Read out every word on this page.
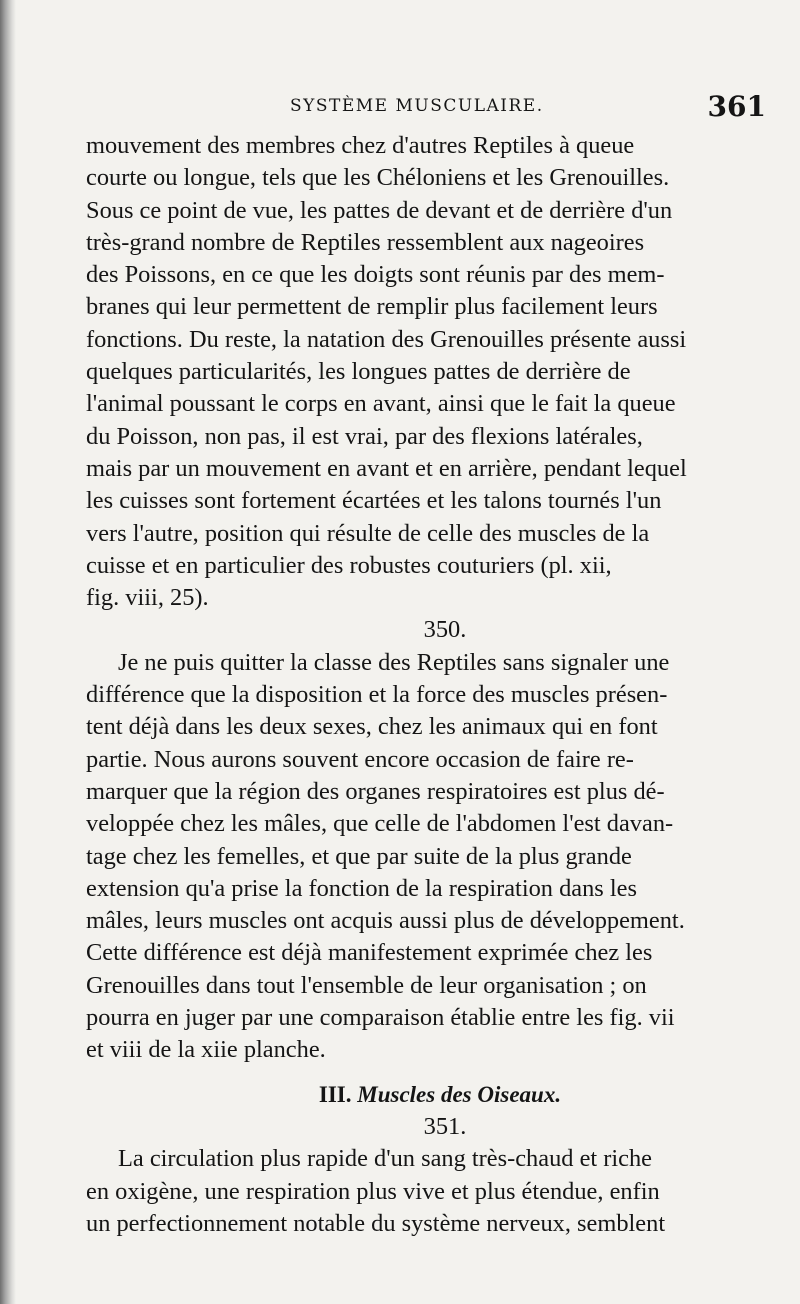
SYSTÈME MUSCULAIRE.	361

mouvement des membres chez d'autres Reptiles à queue

courte ou longue, tels que les Chéloniens et les Grenouilles.

Sous ce point de vue, les pattes de devant et de derrière d'un

très-grand nombre de Reptiles ressemblent aux nageoires

des Poissons, en ce que les doigts sont réunis par des mem-

branes qui leur permettent de remplir plus facilement leurs

fonctions. Du reste, la natation des Grenouilles présente aussi

quelques particularités, les longues pattes de derrière de

l'animal poussant le corps en avant, ainsi que le fait la queue

du Poisson, non pas, il est vrai, par des flexions latérales,

mais par un mouvement en avant et en arrière, pendant lequel

les cuisses sont fortement écartées et les talons tournés l'un

vers l'autre, position qui résulte de celle des muscles de la

cuisse et en particulier des robustes couturiers (pl. xii,

fig. viii, 25).

350.

Je ne puis quitter la classe des Reptiles sans signaler une

différence que la disposition et la force des muscles présen-

tent déjà dans les deux sexes, chez les animaux qui en font

partie. Nous aurons souvent encore occasion de faire re-

marquer que la région des organes respiratoires est plus dé-

veloppée chez les mâles, que celle de l'abdomen l'est davan-

tage chez les femelles, et que par suite de la plus grande

extension qu'a prise la fonction de la respiration dans les

mâles, leurs muscles ont acquis aussi plus de développement.

Cette différence est déjà manifestement exprimée chez les

Grenouilles dans tout l'ensemble de leur organisation ; on

pourra en juger par une comparaison établie entre les fig. vii

et viii de la xiie planche.

III. Muscles des Oiseaux.

351.

La circulation plus rapide d'un sang très-chaud et riche

en oxigène, une respiration plus vive et plus étendue, enfin

un perfectionnement notable du système nerveux, semblent
